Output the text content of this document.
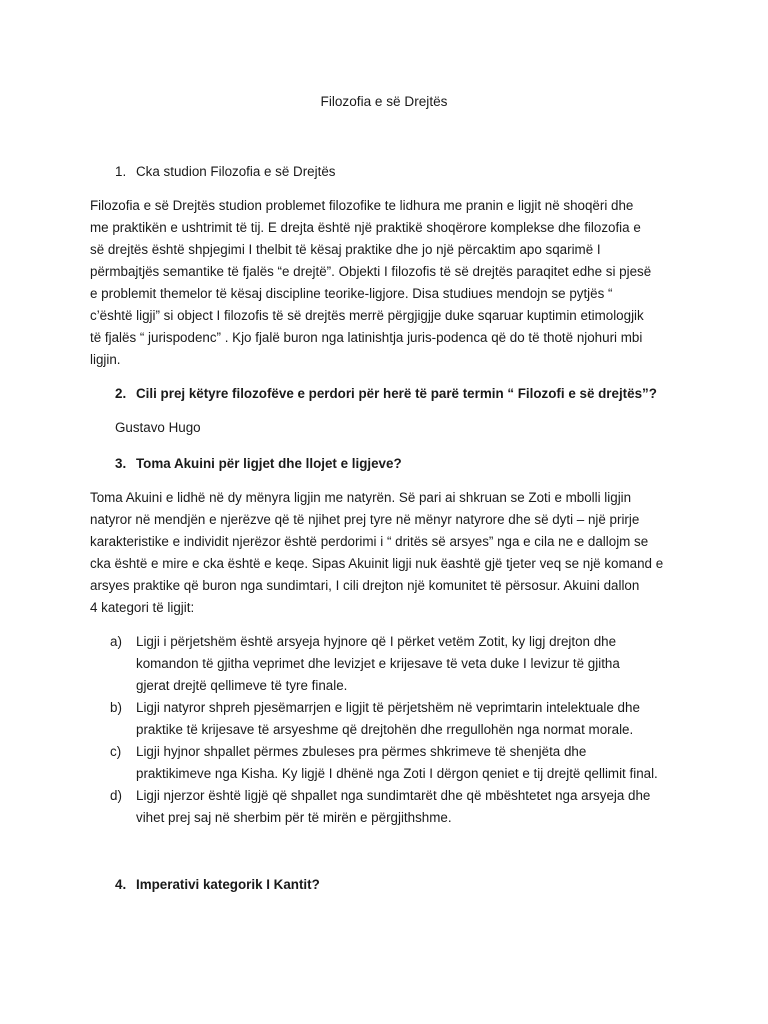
Filozofia e së Drejtës
1. Cka studion Filozofia e së Drejtës
Filozofia e së Drejtës studion problemet filozofike te lidhura me pranin e ligjit në shoqëri dhe
me praktikën e ushtrimit të tij. E drejta është një praktikë shoqërore komplekse dhe filozofia e
së drejtës është shpjegimi I thelbit të kësaj praktike dhe jo një përcaktim apo sqarimë I
përmbajtjës semantike të fjalës “e drejtë”. Objekti I filozofis të së drejtës paraqitet edhe si pjesë
e problemit themelor të kësaj discipline teorike-ligjore. Disa studiues mendojn se pytjës “
c’është ligji” si object I filozofis të së drejtës merrë përgjigjje duke sqaruar kuptimin etimologjik
të fjalës “ jurispodenc” . Kjo fjalë buron nga latinishtja juris-podenca që do të thotë njohuri mbi
ligjin.
2. Cili prej këtyre filozofëve e perdori për herë të parë termin “ Filozofi e së drejtës”?
Gustavo Hugo
3. Toma Akuini për ligjet dhe llojet e ligjeve?
Toma Akuini e lidhë në dy mënyra ligjin me natyrën. Së pari ai shkruan se Zoti e mbolli ligjin
natyror në mendjën e njerëzve që të njihet prej tyre në mënyr natyrore dhe së dyti – një prirje
karakteristike e individit njerëzor është perdorimi i “ dritës së arsyes” nga e cila ne e dallojm se
cka është e mire e cka është e keqe. Sipas Akuinit ligji nuk ëashtë gjë tjeter veq se një komand e
arsyes praktike që buron nga sundimtari, I cili drejton një komunitet të përsosur. Akuini dallon
4 kategori të ligjit:
a) Ligji i përjetshëm është arsyeja hyjnore që I përket vetëm Zotit, ky ligj drejton dhe
komandon të gjitha veprimet dhe levizjet e krijesave të veta duke I levizur të gjitha
gjerat drejtë qellimeve të tyre finale.
b) Ligji natyror shpreh pjesëmarrjen e ligjit të përjetshëm në veprimtarin intelektuale dhe
praktike të krijesave të arsyeshme që drejtohën dhe rregullohën nga normat morale.
c) Ligji hyjnor shpallet përmes zbuleses pra përmes shkrimeve të shenjëta dhe
praktikimeve nga Kisha. Ky ligjë I dhënë nga Zoti I dërgon qeniet e tij drejtë qellimit final.
d) Ligji njerzor është ligjë që shpallet nga sundimtarët dhe që mbështetet nga arsyeja dhe
vihet prej saj në sherbim për të mirën e përgjithshme.
4. Imperativi kategorik I Kantit?
